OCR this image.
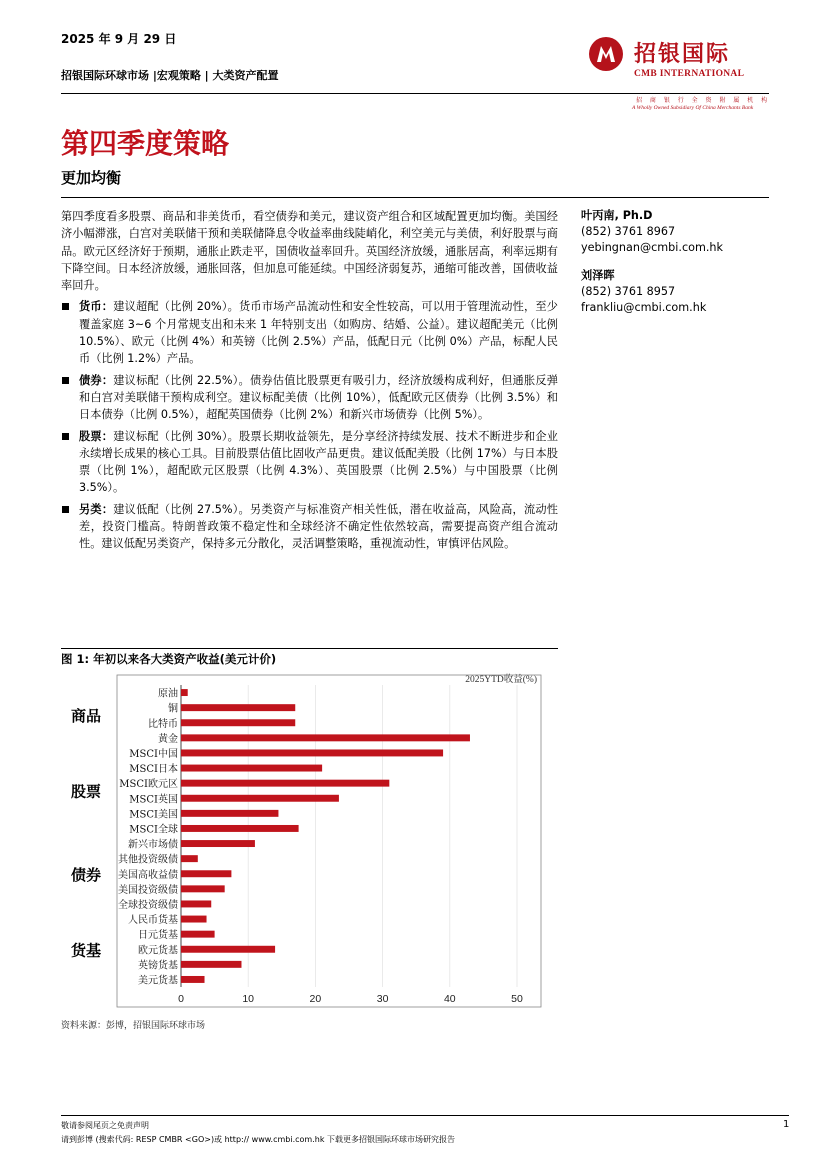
2025 年 9 月 29 日
招银国际环球市场 |宏观策略 | 大类资产配置
招银国际
CMB INTERNATIONAL
招 商 银 行 全 资 附 属 机 构
A Wholly Owned Subsidiary Of China Merchants Bank
第四季度策略
更加均衡

第四季度看多股票、商品和非美货币，看空债券和美元，建议资产组合和区域配置更加均衡。美国经济小幅滞涨，白宫对美联储干预和美联储降息令收益率曲线陡峭化，利空美元与美债，利好股票与商品。欧元区经济好于预期，通胀止跌走平，国债收益率回升。英国经济放缓，通胀居高，利率远期有下降空间。日本经济放缓，通胀回落，但加息可能延续。中国经济弱复苏，通缩可能改善，国债收益率回升。

货币：建议超配（比例 20%）。货币市场产品流动性和安全性较高，可以用于管理流动性，至少覆盖家庭 3~6 个月常规支出和未来 1 年特别支出（如购房、结婚、公益）。建议超配美元（比例 10.5%）、欧元（比例 4%）和英镑（比例 2.5%）产品，低配日元（比例 0%）产品，标配人民币（比例 1.2%）产品。
债券：建议标配（比例 22.5%）。债券估值比股票更有吸引力，经济放缓构成利好，但通胀反弹和白宫对美联储干预构成利空。建议标配美债（比例 10%），低配欧元区债券（比例 3.5%）和日本债券（比例 0.5%），超配英国债券（比例 2%）和新兴市场债券（比例 5%）。
股票：建议标配（比例 30%）。股票长期收益领先，是分享经济持续发展、技术不断进步和企业永续增长成果的核心工具。目前股票估值比固收产品更贵。建议低配美股（比例 17%）与日本股票（比例 1%），超配欧元区股票（比例 4.3%）、英国股票（比例 2.5%）与中国股票（比例 3.5%）。
另类：建议低配（比例 27.5%）。另类资产与标准资产相关性低，潜在收益高，风险高，流动性差，投资门槛高。特朗普政策不稳定性和全球经济不确定性依然较高，需要提高资产组合流动性。建议低配另类资产，保持多元分散化，灵活调整策略，重视流动性，审慎评估风险。
叶丙南, Ph.D
(852) 3761 8967
yebingnan@cmbi.com.hk
刘泽晖
(852) 3761 8957
frankliu@cmbi.com.hk
图 1: 年初以来各大类资产收益(美元计价)
0	10	20	30	40	50
2025YTD收益(%)
原油
铜
比特币
黄金
MSCI中国
MSCI日本
MSCI欧元区
MSCI英国
MSCI美国
MSCI全球
新兴市场债
其他投资级债
美国高收益债
美国投资级债
全球投资级债
人民币货基
日元货基
欧元货基
英镑货基
美元货基
商品
股票
债券
货基
资料来源：彭博，招银国际环球市场
敬请参阅尾页之免责声明
请到彭博 (搜索代码: RESP CMBR <GO>)或 http:// www.cmbi.com.hk 下载更多招银国际环球市场研究报告
1
